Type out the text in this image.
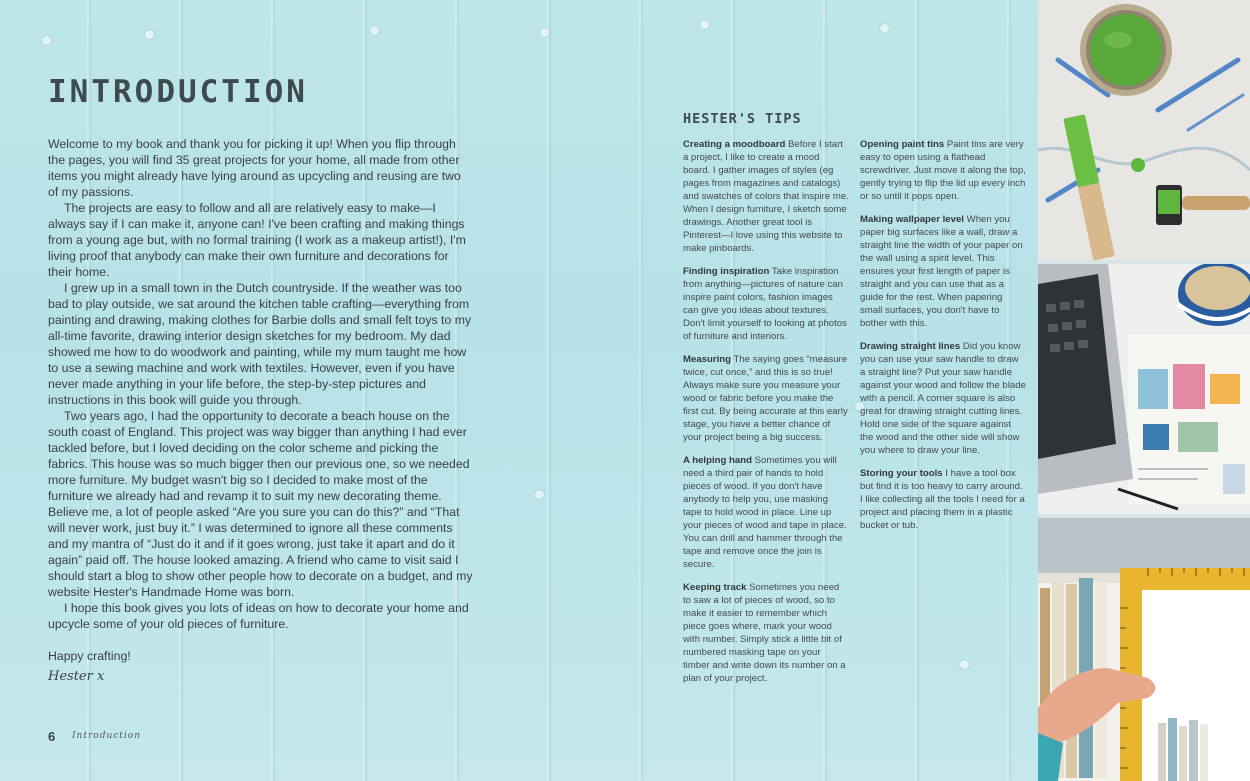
INTRODUCTION

Welcome to my book and thank you for picking it up! When you flip through the pages, you will find 35 great projects for your home, all made from other items you might already have lying around as upcycling and reusing are two of my passions.

The projects are easy to follow and all are relatively easy to make—I always say if I can make it, anyone can! I've been crafting and making things from a young age but, with no formal training (I work as a makeup artist!), I'm living proof that anybody can make their own furniture and decorations for their home.

I grew up in a small town in the Dutch countryside. If the weather was too bad to play outside, we sat around the kitchen table crafting—everything from painting and drawing, making clothes for Barbie dolls and small felt toys to my all-time favorite, drawing interior design sketches for my bedroom. My dad showed me how to do woodwork and painting, while my mum taught me how to use a sewing machine and work with textiles. However, even if you have never made anything in your life before, the step-by-step pictures and instructions in this book will guide you through.

Two years ago, I had the opportunity to decorate a beach house on the south coast of England. This project was way bigger than anything I had ever tackled before, but I loved deciding on the color scheme and picking the fabrics. This house was so much bigger then our previous one, so we needed more furniture. My budget wasn't big so I decided to make most of the furniture we already had and revamp it to suit my new decorating theme. Believe me, a lot of people asked “Are you sure you can do this?” and “That will never work, just buy it.” I was determined to ignore all these comments and my mantra of “Just do it and if it goes wrong, just take it apart and do it again” paid off. The house looked amazing. A friend who came to visit said I should start a blog to show other people how to decorate on a budget, and my website Hester's Handmade Home was born.

I hope this book gives you lots of ideas on how to decorate your home and upcycle some of your old pieces of furniture.

Happy crafting!

Hester x
6 Introduction
HESTER'S TIPS

Creating a moodboard Before I start a project, I like to create a mood board. I gather images of styles (eg pages from magazines and catalogs) and swatches of colors that inspire me. When I design furniture, I sketch some drawings. Another great tool is Pinterest—I love using this website to make pinboards.

Finding inspiration Take inspiration from anything—pictures of nature can inspire paint colors, fashion images can give you ideas about textures. Don't limit yourself to looking at photos of furniture and interiors.

Measuring The saying goes “measure twice, cut once,” and this is so true! Always make sure you measure your wood or fabric before you make the first cut. By being accurate at this early stage, you have a better chance of your project being a big success.

A helping hand Sometimes you will need a third pair of hands to hold pieces of wood. If you don't have anybody to help you, use masking tape to hold wood in place. Line up your pieces of wood and tape in place. You can drill and hammer through the tape and remove once the join is secure.

Keeping track Sometimes you need to saw a lot of pieces of wood, so to make it easier to remember which piece goes where, mark your wood with number. Simply stick a little bit of numbered masking tape on your timber and write down its number on a plan of your project.

Opening paint tins Paint tins are very easy to open using a flathead screwdriver. Just move it along the top, gently trying to flip the lid up every inch or so until it pops open.

Making wallpaper level When you paper big surfaces like a wall, draw a straight line the width of your paper on the wall using a spirit level. This ensures your first length of paper is straight and you can use that as a guide for the rest. When papering small surfaces, you don't have to bother with this.

Drawing straight lines Did you know you can use your saw handle to draw a straight line? Put your saw handle against your wood and follow the blade with a pencil. A corner square is also great for drawing straight cutting lines. Hold one side of the square against the wood and the other side will show you where to draw your line.

Storing your tools I have a tool box but find it is too heavy to carry around. I like collecting all the tools I need for a project and placing them in a plastic bucket or tub.
